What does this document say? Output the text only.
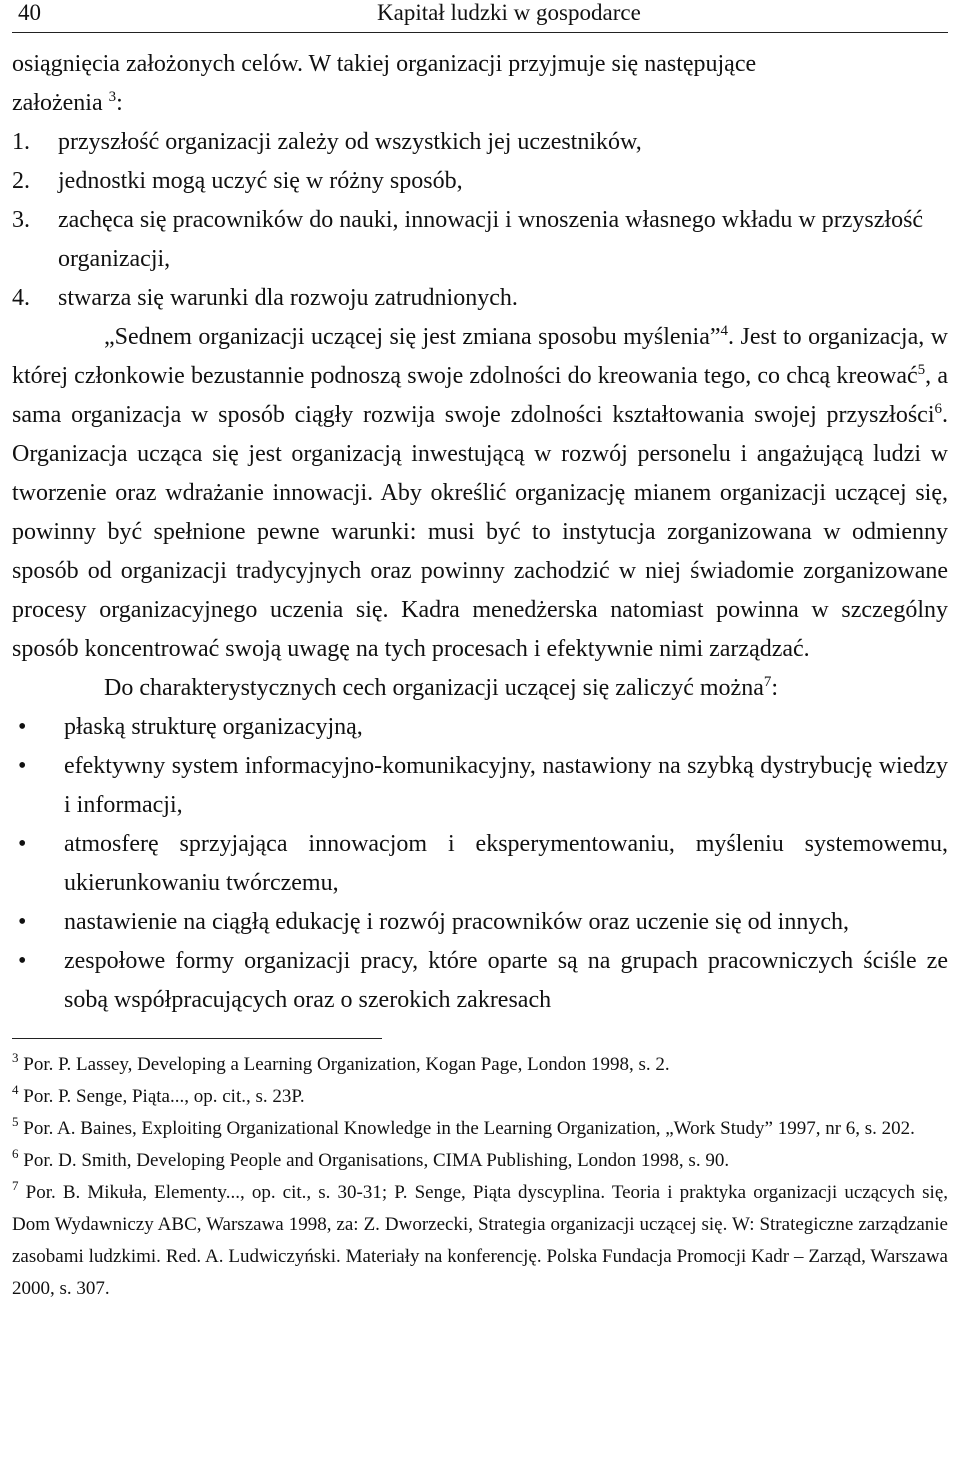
40	Kapitał ludzki w gospodarce

osiągnięcia założonych celów. W takiej organizacji przyjmuje się następujące
założenia $^3$:

1.	przyszłość organizacji zależy od wszystkich jej uczestników,
2.	jednostki mogą uczyć się w różny sposób,
3.	zachęca się pracowników do nauki, innowacji i wnoszenia własnego wkładu w przyszłość organizacji,
4.	stwarza się warunki dla rozwoju zatrudnionych.

„Sednem organizacji uczącej się jest zmiana sposobu myślenia”$^4$. Jest to organizacja, w której członkowie bezustannie podnoszą swoje zdolności do kreowania tego, co chcą kreować$^5$, a sama organizacja w sposób ciągły rozwija swoje zdolności kształtowania swojej przyszłości$^6$. Organizacja ucząca się jest organizacją inwestującą w rozwój personelu i angażującą ludzi w tworzenie oraz wdrażanie innowacji. Aby określić organizację mianem organizacji uczącej się, powinny być spełnione pewne warunki: musi być to instytucja zorganizowana w odmienny sposób od organizacji tradycyjnych oraz powinny zachodzić w niej świadomie zorganizowane procesy organizacyjnego uczenia się. Kadra menedżerska natomiast powinna w szczególny sposób koncentrować swoją uwagę na tych procesach i efektywnie nimi zarządzać.

Do charakterystycznych cech organizacji uczącej się zaliczyć można$^7$:

•	płaską strukturę organizacyjną,
•	efektywny system informacyjno-komunikacyjny, nastawiony na szybką dystrybucję wiedzy i informacji,
•	atmosferę sprzyjająca innowacjom i eksperymentowaniu, myśleniu systemowemu, ukierunkowaniu twórczemu,
•	nastawienie na ciągłą edukację i rozwój pracowników oraz uczenie się od innych,
•	zespołowe formy organizacji pracy, które oparte są na grupach pracowniczych ściśle ze sobą współpracujących oraz o szerokich zakresach

$^3$ Por. P. Lassey, Developing a Learning Organization, Kogan Page, London 1998, s. 2.

$^4$ Por. P. Senge, Piąta..., op. cit., s. 23P.

$^5$ Por. A. Baines, Exploiting Organizational Knowledge in the Learning Organization, „Work Study” 1997, nr 6, s. 202.

$^6$ Por. D. Smith, Developing People and Organisations, CIMA Publishing, London 1998, s. 90.

$^7$ Por. B. Mikuła, Elementy..., op. cit., s. 30-31; P. Senge, Piąta dyscyplina. Teoria i praktyka organizacji uczących się, Dom Wydawniczy ABC, Warszawa 1998, za: Z. Dworzecki, Strategia organizacji uczącej się. W: Strategiczne zarządzanie zasobami ludzkimi. Red. A. Ludwiczyński. Materiały na konferencję. Polska Fundacja Promocji Kadr – Zarząd, Warszawa 2000, s. 307.
